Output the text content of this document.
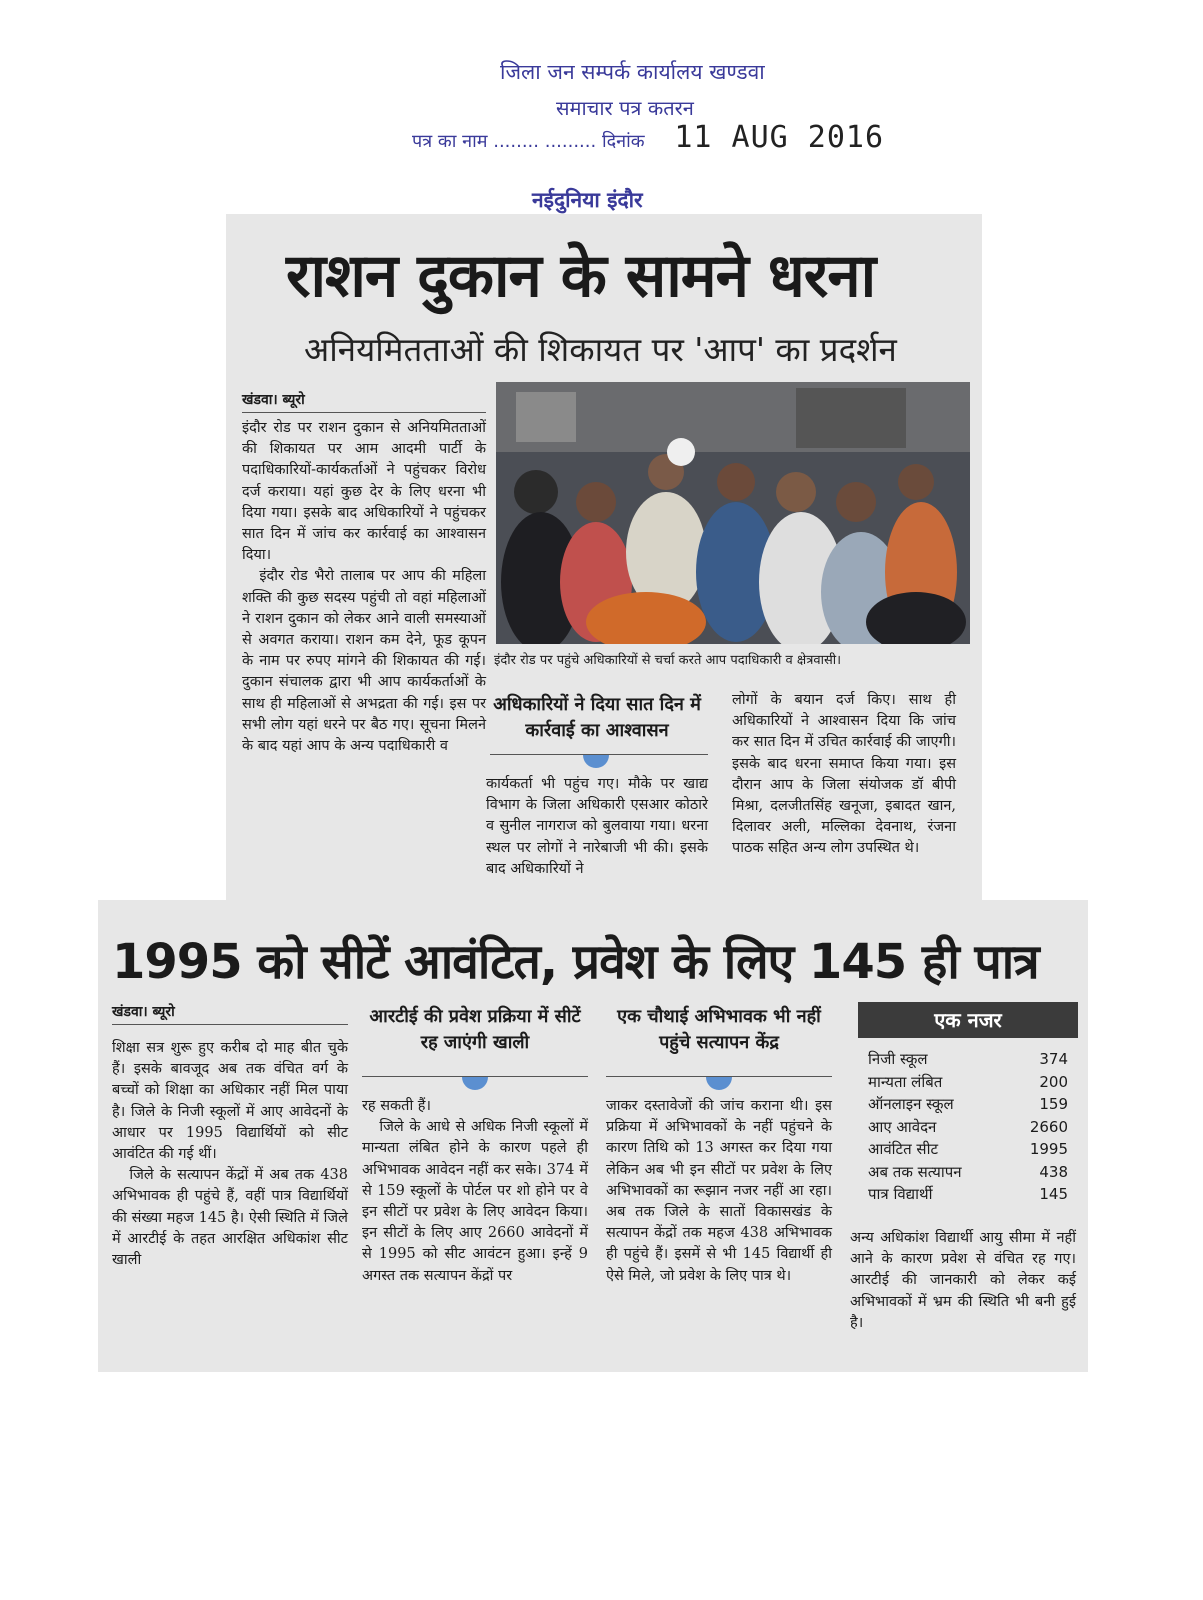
जिला जन सम्पर्क कार्यालय खण्डवा
समाचार पत्र कतरन
पत्र का नाम ........ ......... दिनांक 11 AUG 2016
नईदुनिया इंदौर
राशन दुकान के सामने धरना
अनियमितताओं की शिकायत पर 'आप' का प्रदर्शन
खंडवा। ब्यूरो

इंदौर रोड पर राशन दुकान से अनियमितताओं की शिकायत पर आम आदमी पार्टी के पदाधिकारियों-कार्यकर्ताओं ने पहुंचकर विरोध दर्ज कराया। यहां कुछ देर के लिए धरना भी दिया गया। इसके बाद अधिकारियों ने पहुंचकर सात दिन में जांच कर कार्रवाई का आश्वासन दिया।

इंदौर रोड भैरो तालाब पर आप की महिला शक्ति की कुछ सदस्य पहुंची तो वहां महिलाओं ने राशन दुकान को लेकर आने वाली समस्याओं से अवगत कराया। राशन कम देने, फूड कूपन के नाम पर रुपए मांगने की शिकायत की गई। दुकान संचालक द्वारा भी आप कार्यकर्ताओं के साथ ही महिलाओं से अभद्रता की गई। इस पर सभी लोग यहां धरने पर बैठ गए। सूचना मिलने के बाद यहां आप के अन्य पदाधिकारी व

इंदौर रोड पर पहुंचे अधिकारियों से चर्चा करते आप पदाधिकारी व क्षेत्रवासी।
अधिकारियों ने दिया सात दिन में कार्रवाई का आश्वासन

कार्यकर्ता भी पहुंच गए। मौके पर खाद्य विभाग के जिला अधिकारी एसआर कोठारे व सुनील नागराज को बुलवाया गया। धरना स्थल पर लोगों ने नारेबाजी भी की। इसके बाद अधिकारियों ने

लोगों के बयान दर्ज किए। साथ ही अधिकारियों ने आश्वासन दिया कि जांच कर सात दिन में उचित कार्रवाई की जाएगी। इसके बाद धरना समाप्त किया गया। इस दौरान आप के जिला संयोजक डॉ बीपी मिश्रा, दलजीतसिंह खनूजा, इबादत खान, दिलावर अली, मल्लिका देवनाथ, रंजना पाठक सहित अन्य लोग उपस्थित थे।

1995 को सीटें आवंटित, प्रवेश के लिए 145 ही पात्र
खंडवा। ब्यूरो

शिक्षा सत्र शुरू हुए करीब दो माह बीत चुके हैं। इसके बावजूद अब तक वंचित वर्ग के बच्चों को शिक्षा का अधिकार नहीं मिल पाया है। जिले के निजी स्कूलों में आए आवेदनों के आधार पर 1995 विद्यार्थियों को सीट आवंटित की गई थीं।

जिले के सत्यापन केंद्रों में अब तक 438 अभिभावक ही पहुंचे हैं, वहीं पात्र विद्यार्थियों की संख्या महज 145 है। ऐसी स्थिति में जिले में आरटीई के तहत आरक्षित अधिकांश सीट खाली

आरटीई की प्रवेश प्रक्रिया में सीटें रह जाएंगी खाली

रह सकती हैं।

जिले के आधे से अधिक निजी स्कूलों में मान्यता लंबित होने के कारण पहले ही अभिभावक आवेदन नहीं कर सके। 374 में से 159 स्कूलों के पोर्टल पर शो होने पर वे इन सीटों पर प्रवेश के लिए आवेदन किया। इन सीटों के लिए आए 2660 आवेदनों में से 1995 को सीट आवंटन हुआ। इन्हें 9 अगस्त तक सत्यापन केंद्रों पर

एक चौथाई अभिभावक भी नहीं पहुंचे सत्यापन केंद्र

जाकर दस्तावेजों की जांच कराना थी। इस प्रक्रिया में अभिभावकों के नहीं पहुंचने के कारण तिथि को 13 अगस्त कर दिया गया लेकिन अब भी इन सीटों पर प्रवेश के लिए अभिभावकों का रूझान नजर नहीं आ रहा। अब तक जिले के सातों विकासखंड के सत्यापन केंद्रों तक महज 438 अभिभावक ही पहुंचे हैं। इसमें से भी 145 विद्यार्थी ही ऐसे मिले, जो प्रवेश के लिए पात्र थे।

एक नजर
निजी स्कूल	374
मान्यता लंबित	200
ऑनलाइन स्कूल	159
आए आवेदन	2660
आवंटित सीट	1995
अब तक सत्यापन	438
पात्र विद्यार्थी	145

अन्य अधिकांश विद्यार्थी आयु सीमा में नहीं आने के कारण प्रवेश से वंचित रह गए। आरटीई की जानकारी को लेकर कई अभिभावकों में भ्रम की स्थिति भी बनी हुई है।
